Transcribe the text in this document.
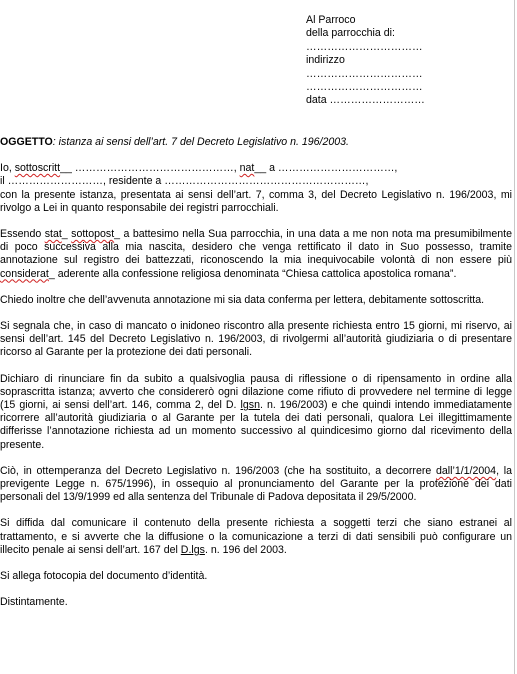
Al Parroco
della parrocchia di:
……………………………
indirizzo
……………………………
……………………………
data ………………………

OGGETTO: istanza ai sensi dell’art. 7 del Decreto Legislativo n. 196/2003.

Io, sottoscritt__ ………………………………………, nat__ a ……………………………,
il ………………………, residente a …………………………………………………,
con la presente istanza, presentata ai sensi dell’art. 7, comma 3, del Decreto Legislativo n. 196/2003, mi rivolgo a Lei in quanto responsabile dei registri parrocchiali.

Essendo stat_ sottopost_ a battesimo nella Sua parrocchia, in una data a me non nota ma presumibilmente di poco successiva alla mia nascita, desidero che venga rettificato il dato in Suo possesso, tramite annotazione sul registro dei battezzati, riconoscendo la mia inequivocabile volontà di non essere più considerat_ aderente alla confessione religiosa denominata “Chiesa cattolica apostolica romana”.

Chiedo inoltre che dell’avvenuta annotazione mi sia data conferma per lettera, debitamente sottoscritta.

Si segnala che, in caso di mancato o inidoneo riscontro alla presente richiesta entro 15 giorni, mi riservo, ai sensi dell’art. 145 del Decreto Legislativo n. 196/2003, di rivolgermi all’autorità giudiziaria o di presentare ricorso al Garante per la protezione dei dati personali.

Dichiaro di rinunciare fin da subito a qualsivoglia pausa di riflessione o di ripensamento in ordine alla soprascritta istanza; avverto che considererò ogni dilazione come rifiuto di provvedere nel termine di legge (15 giorni, ai sensi dell’art. 146, comma 2, del D. lgsn. n. 196/2003) e che quindi intendo immediatamente ricorrere all’autorità giudiziaria o al Garante per la tutela dei dati personali, qualora Lei illegittimamente differisse l’annotazione richiesta ad un momento successivo al quindicesimo giorno dal ricevimento della presente.

Ciò, in ottemperanza del Decreto Legislativo n. 196/2003 (che ha sostituito, a decorrere dall’1/1/2004, la previgente Legge n. 675/1996), in ossequio al pronunciamento del Garante per la protezione dei dati personali del 13/9/1999 ed alla sentenza del Tribunale di Padova depositata il 29/5/2000.

Si diffida dal comunicare il contenuto della presente richiesta a soggetti terzi che siano estranei al trattamento, e si avverte che la diffusione o la comunicazione a terzi di dati sensibili può configurare un illecito penale ai sensi dell’art. 167 del D.lgs. n. 196 del 2003.

Si allega fotocopia del documento d’identità.

Distintamente.
